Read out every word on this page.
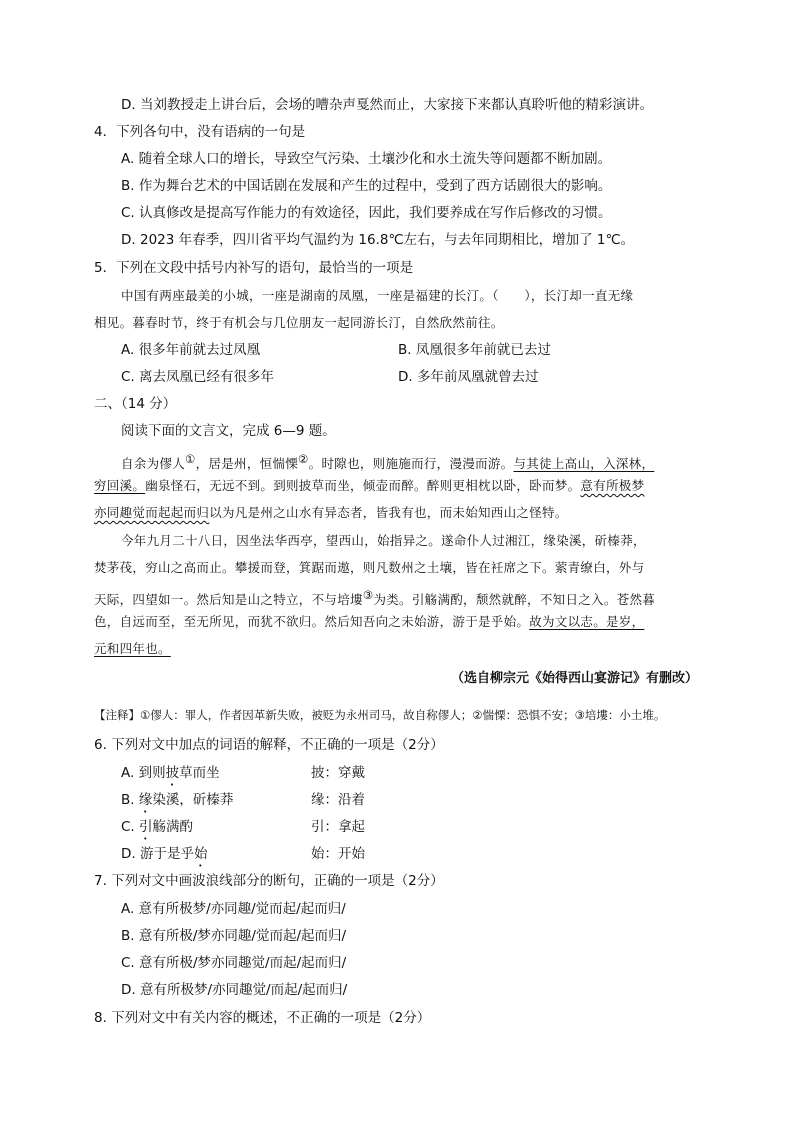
D. 当刘教授走上讲台后，会场的嘈杂声戛然而止，大家接下来都认真聆听他的精彩演讲。
4．下列各句中，没有语病的一句是
A. 随着全球人口的增长，导致空气污染、土壤沙化和水土流失等问题都不断加剧。
B. 作为舞台艺术的中国话剧在发展和产生的过程中，受到了西方话剧很大的影响。
C. 认真修改是提高写作能力的有效途径，因此，我们要养成在写作后修改的习惯。
D. 2023 年春季，四川省平均气温约为 16.8℃左右，与去年同期相比，增加了 1℃。
5．下列在文段中括号内补写的语句，最恰当的一项是
中国有两座最美的小城，一座是湖南的凤凰，一座是福建的长汀。（　　），长汀却一直无缘
相见。暮春时节，终于有机会与几位朋友一起同游长汀，自然欣然前往。
A. 很多年前就去过凤凰	B. 凤凰很多年前就已去过
C. 离去凤凰已经有很多年	D. 多年前凤凰就曾去过
二、（14 分）
阅读下面的文言文，完成 6—9 题。
自余为僇人①，居是州，恒惴慄②。时隙也，则施施而行，漫漫而游。与其徒上高山，入深林，
穷回溪。幽泉怪石，无远不到。到则披草而坐，倾壶而醉。醉则更相枕以卧，卧而梦。意有所极梦
亦同趣觉而起起而归以为凡是州之山水有异态者，皆我有也，而未始知西山之怪特。
今年九月二十八日，因坐法华西亭，望西山，始指异之。遂命仆人过湘江，缘染溪，斫榛莽，
焚茅茷，穷山之高而止。攀援而登，箕踞而遨，则凡数州之土壤，皆在衽席之下。萦青缭白，外与
天际，四望如一。然后知是山之特立，不与培塿③为类。引觞满酌，颓然就醉，不知日之入。苍然暮
色，自远而至，至无所见，而犹不欲归。然后知吾向之未始游，游于是乎始。故为文以志。是岁，
元和四年也。
（选自柳宗元《始得西山宴游记》有删改）
【注释】①僇人：罪人，作者因革新失败，被贬为永州司马，故自称僇人；②惴慄：恐惧不安；③培塿：小土堆。
6. 下列对文中加点的词语的解释，不正确的一项是（2分）
A. 到则披草而坐	披：穿戴
B. 缘染溪，斫榛莽	缘：沿着
C. 引觞满酌	引：拿起
D. 游于是乎始	始：开始
7. 下列对文中画波浪线部分的断句，正确的一项是（2分）
A. 意有所极梦/亦同趣/觉而起/起而归/
B. 意有所极/梦亦同趣/觉而起/起而归/
C. 意有所极/梦亦同趣觉/而起/起而归/
D. 意有所极梦/亦同趣觉/而起/起而归/
8. 下列对文中有关内容的概述，不正确的一项是（2分）
